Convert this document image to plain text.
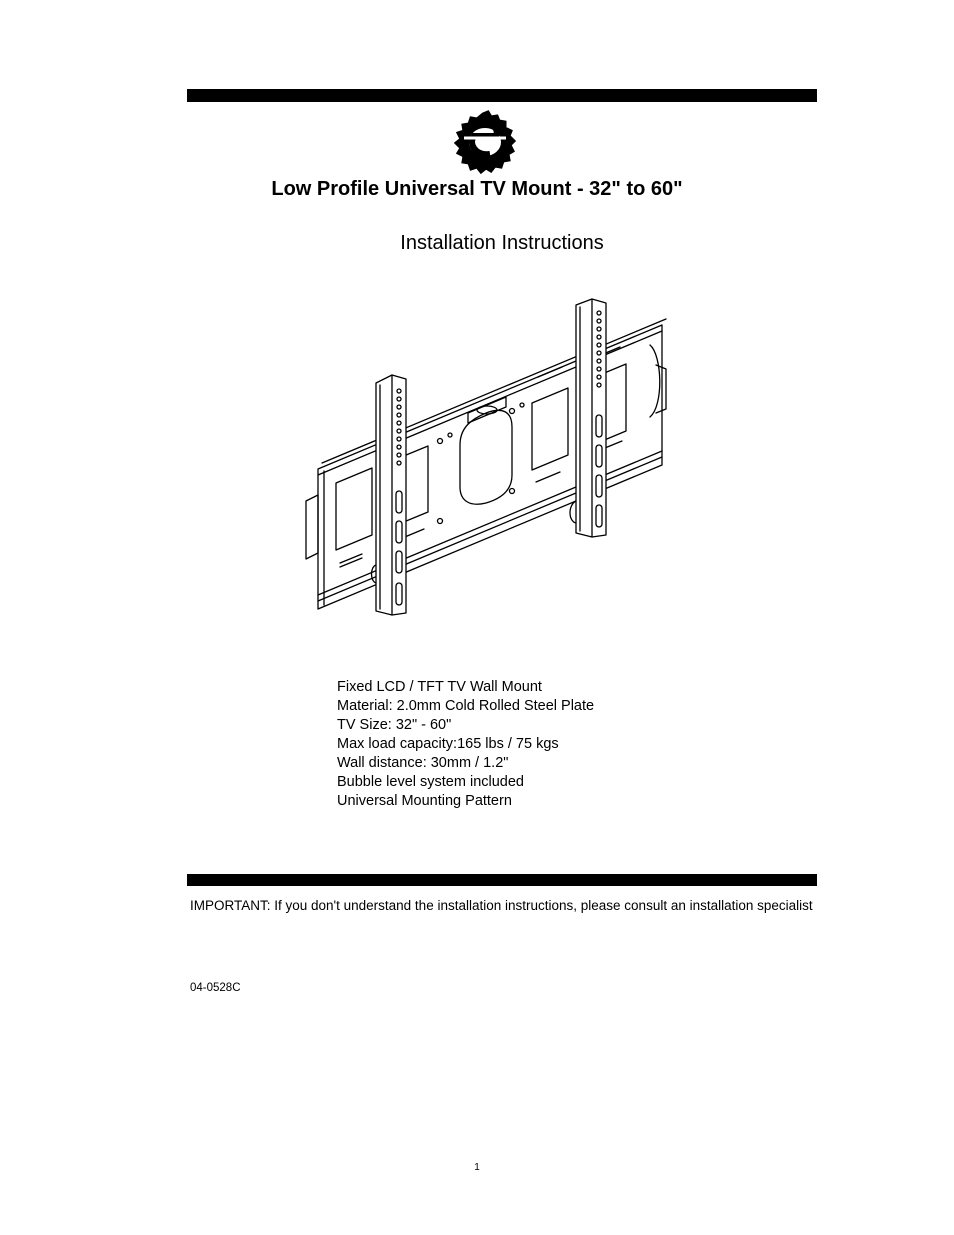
Low Profile Universal TV Mount - 32" to 60"
Installation Instructions
Fixed LCD / TFT TV Wall Mount
Material: 2.0mm Cold Rolled Steel Plate
TV Size: 32" - 60"
Max load capacity:165 lbs / 75 kgs
Wall distance: 30mm / 1.2"
Bubble level system included
Universal Mounting Pattern

IMPORTANT: If you don't understand the installation instructions, please consult an installation specialist

04-0528C

1
